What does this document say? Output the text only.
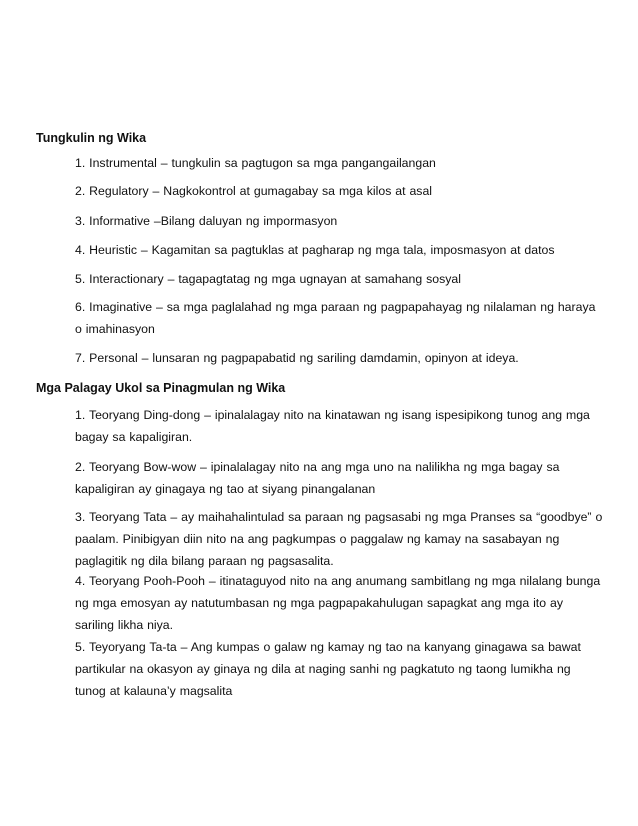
Tungkulin ng Wika
1. Instrumental – tungkulin sa pagtugon sa mga pangangailangan
2. Regulatory – Nagkokontrol at gumagabay sa mga kilos at asal
3. Informative –Bilang daluyan ng impormasyon
4. Heuristic – Kagamitan sa pagtuklas at pagharap ng mga tala, imposmasyon at datos
5. Interactionary – tagapagtatag ng mga ugnayan at samahang sosyal
6. Imaginative – sa mga paglalahad ng mga paraan ng pagpapahayag ng nilalaman ng haraya o imahinasyon
7. Personal – lunsaran ng pagpapabatid ng sariling damdamin, opinyon at ideya.
Mga Palagay Ukol sa Pinagmulan ng Wika
1. Teoryang Ding-dong – ipinalalagay nito na kinatawan ng isang ispesipikong tunog ang mga bagay sa kapaligiran.
2. Teoryang Bow-wow – ipinalalagay nito na ang mga uno na nalilikha ng mga bagay sa kapaligiran ay ginagaya ng tao at siyang pinangalanan
3. Teoryang Tata – ay maihahalintulad sa paraan ng pagsasabi ng mga Pranses sa “goodbye” o paalam. Pinibigyan diin nito na ang pagkumpas o paggalaw ng kamay na sasabayan ng paglagitik ng dila bilang paraan ng pagsasalita.
4. Teoryang Pooh-Pooh – itinataguyod nito na ang anumang sambitlang ng mga nilalang bunga ng mga emosyan ay natutumbasan ng mga pagpapakahulugan sapagkat ang mga ito ay sariling likha niya.
5. Teyoryang Ta-ta – Ang kumpas o galaw ng kamay ng tao na kanyang ginagawa sa bawat partikular na okasyon ay ginaya ng dila at naging sanhi ng pagkatuto ng taong lumikha ng tunog at kalauna’y magsalita
